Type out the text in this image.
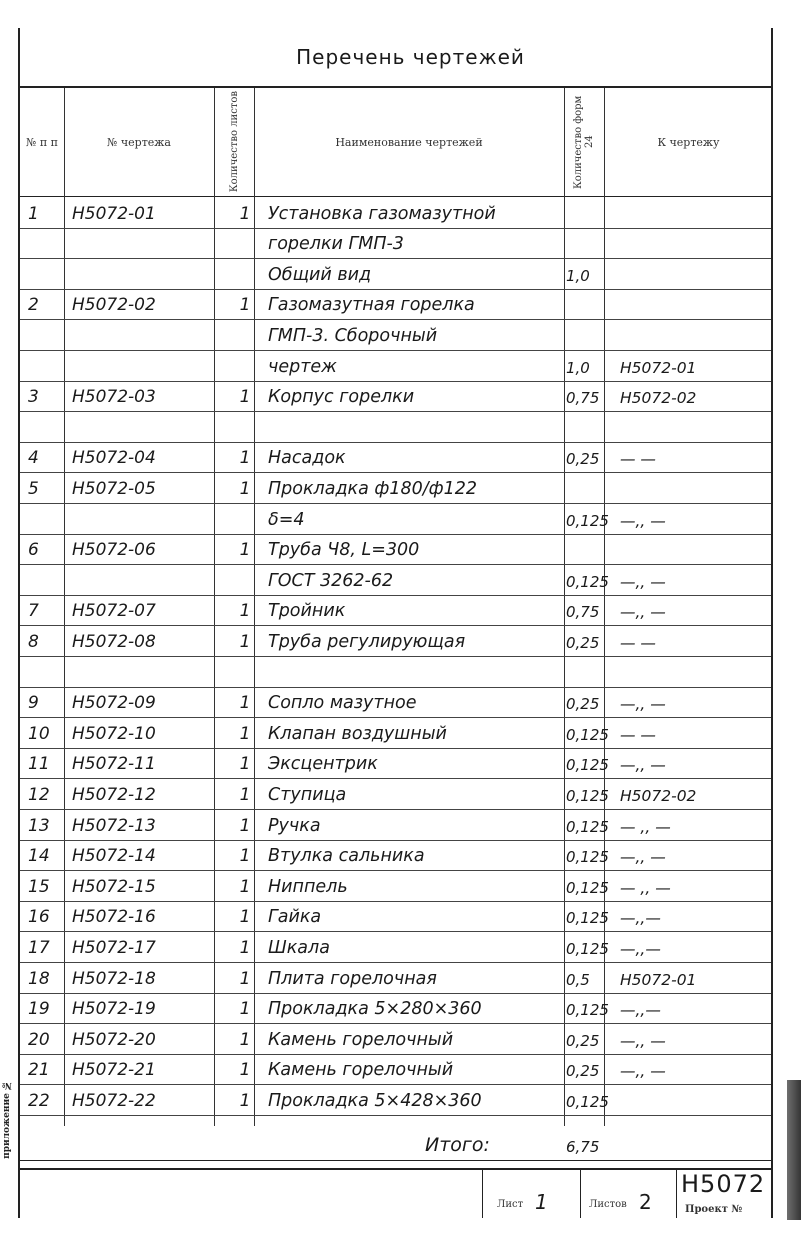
Перечень чертежей
№ п п	№ чертежа	Количество листов	Наименование чертежей	Количество форм 24	К чертежу
1	Н5072-01	1	Установка газомазутной
горелки ГМП-3
Общий вид	1,0
2	Н5072-02	1	Газомазутная горелка
ГМП-3. Сборочный
чертеж	1,0	Н5072-01
3	Н5072-03	1	Корпус горелки	0,75	Н5072-02
4	Н5072-04	1	Насадок	0,25	— —
5	Н5072-05	1	Прокладка ф180/ф122
δ=4	0,125 —,, —
6	Н5072-06	1	Труба Ч8, L=300
ГОСТ 3262-62	0,125 —,, —
7	Н5072-07	1	Тройник	0,75	—,, —
8	Н5072-08	1	Труба регулирующая	0,25	— —
9	Н5072-09	1	Сопло мазутное	0,25	—,, —
10	Н5072-10	1	Клапан воздушный	0,125 — —
11	Н5072-11	1	Эксцентрик	0,125 —,, —
12	Н5072-12	1	Ступица	0,125 Н5072-02
13	Н5072-13	1	Ручка	0,125 — ,, —
14	Н5072-14	1	Втулка сальника	0,125 —,, —
15	Н5072-15	1	Ниппель	0,125 — ,, —
16	Н5072-16	1	Гайка	0,125 —,,—
17	Н5072-17	1	Шкала	0,125 —,,—
18	Н5072-18	1	Плита горелочная	0,5	Н5072-01
19	Н5072-19	1	Прокладка 5×280×360	0,125 —,,—
20	Н5072-20	1	Камень горелочный	0,25	—,, —
21	Н5072-21	1	Камень горелочный	0,25	—,, —
22	Н5072-22	1	Прокладка 5×428×360	0,125
Итого:	6,75
Лист 1	Листов 2
Н5072
Проект №
приложение №
